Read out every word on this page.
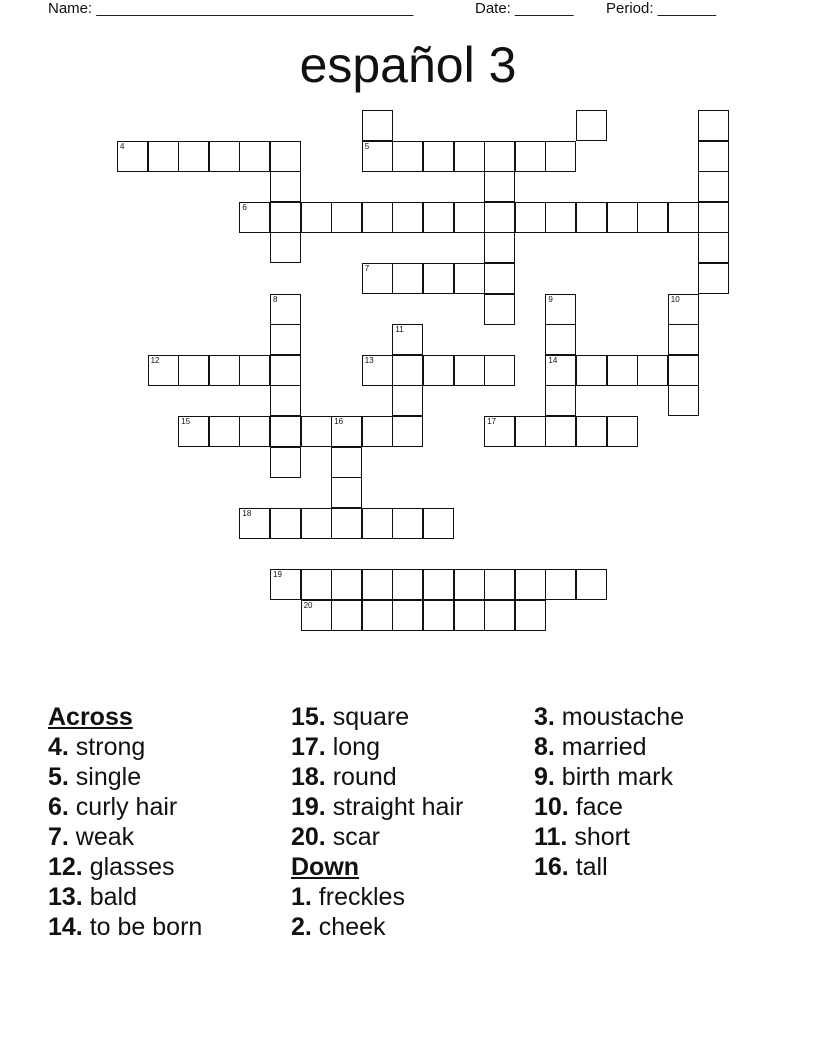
Name: ______________________________________	Date: _______ Period: _______
español 3
4	5
6
7
8	9	10
11
12	13	14
15	16	17
18
19
20
Across
4. strong
5. single
6. curly hair
7. weak
12. glasses
13. bald
14. to be born
15. square
17. long
18. round
19. straight hair
20. scar
Down
1. freckles
2. cheek
3. moustache
8. married
9. birth mark
10. face
11. short
16. tall
